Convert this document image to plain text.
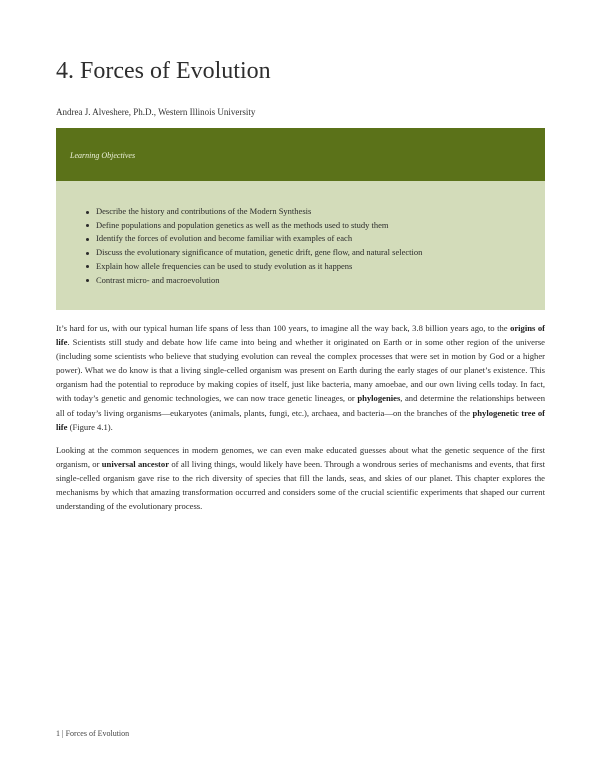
4. Forces of Evolution
Andrea J. Alveshere, Ph.D., Western Illinois University
Learning Objectives
Describe the history and contributions of the Modern Synthesis
Define populations and population genetics as well as the methods used to study them
Identify the forces of evolution and become familiar with examples of each
Discuss the evolutionary significance of mutation, genetic drift, gene flow, and natural selection
Explain how allele frequencies can be used to study evolution as it happens
Contrast micro- and macroevolution

It’s hard for us, with our typical human life spans of less than 100 years, to imagine all the way back, 3.8 billion years ago, to the origins of life. Scientists still study and debate how life came into being and whether it originated on Earth or in some other region of the universe (including some scientists who believe that studying evolution can reveal the complex processes that were set in motion by God or a higher power). What we do know is that a living single-celled organism was present on Earth during the early stages of our planet’s existence. This organism had the potential to reproduce by making copies of itself, just like bacteria, many amoebae, and our own living cells today. In fact, with today’s genetic and genomic technologies, we can now trace genetic lineages, or phylogenies, and determine the relationships between all of today’s living organisms—eukaryotes (animals, plants, fungi, etc.), archaea, and bacteria—on the branches of the phylogenetic tree of life (Figure 4.1).

Looking at the common sequences in modern genomes, we can even make educated guesses about what the genetic sequence of the first organism, or universal ancestor of all living things, would likely have been. Through a wondrous series of mechanisms and events, that first single-celled organism gave rise to the rich diversity of species that fill the lands, seas, and skies of our planet. This chapter explores the mechanisms by which that amazing transformation occurred and considers some of the crucial scientific experiments that shaped our current understanding of the evolutionary process.

1 | Forces of Evolution
